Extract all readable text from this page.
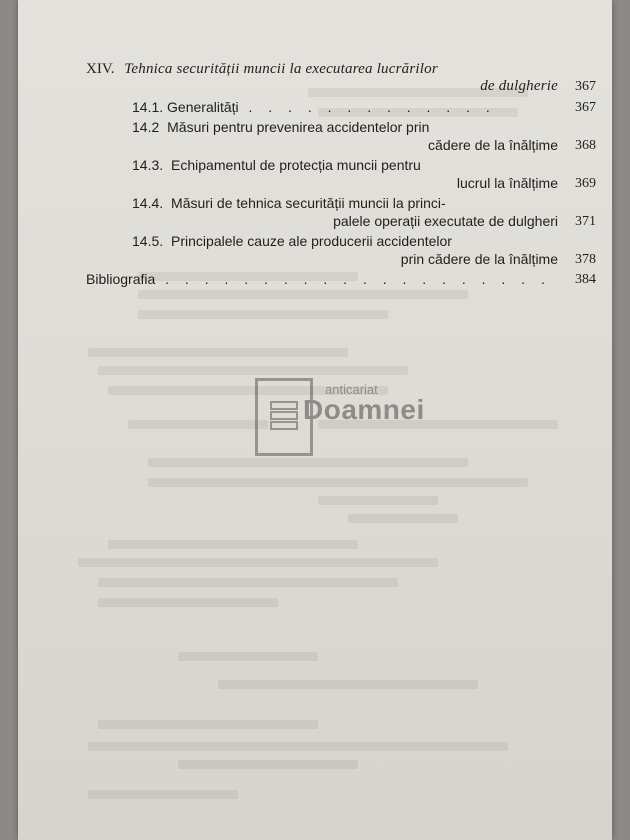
XIV. Tehnica securității muncii la executarea lucrărilor
de dulgherie 367
14.1. Generalități . . . . . . . . . . . . .	367
14.2 Măsuri pentru prevenirea accidentelor prin
cădere de la înălțime 368
14.3. Echipamentul de protecția muncii pentru
lucrul la înălțime 369
14.4. Măsuri de tehnica securității muncii la princi-
palele operații executate de dulgheri 371
14.5. Principalele cauze ale producerii accidentelor
prin cădere de la înălțime 378
Bibliografia . . . . . . . . . . . . . . . . . . . . 384
anticariat
Doamnei
